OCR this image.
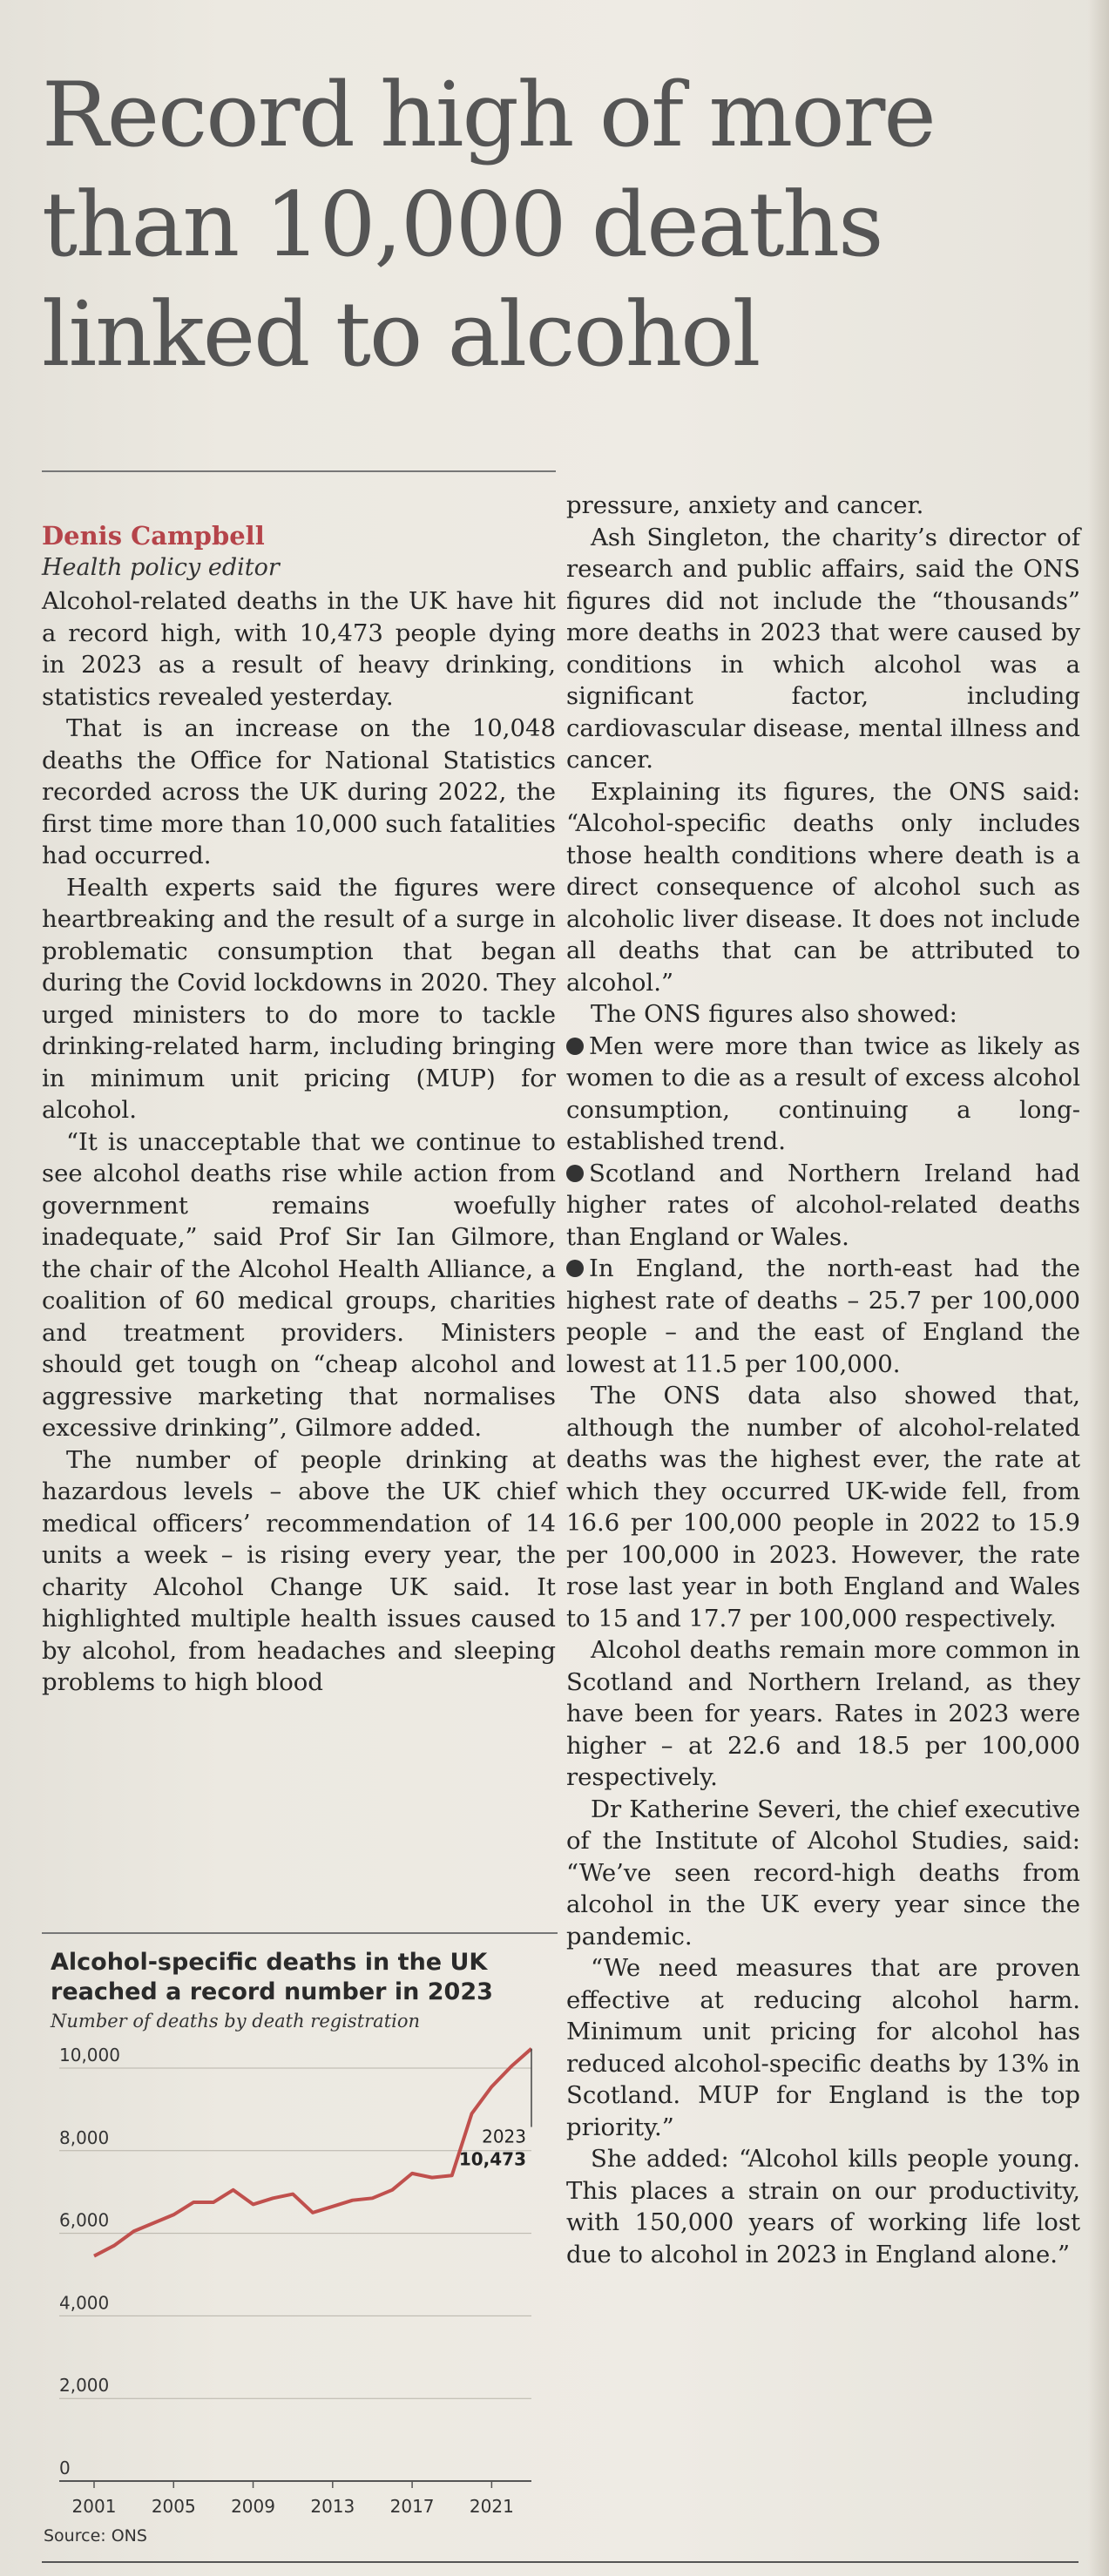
Record high of more than 10,000 deaths linked to alcohol
Denis Campbell
Health policy editor

Alcohol-related deaths in the UK have hit a record high, with 10,473 people dying in 2023 as a result of heavy drinking, statistics revealed yesterday.

That is an increase on the 10,048 deaths the Office for National Statistics recorded across the UK during 2022, the first time more than 10,000 such fatalities had occurred.

Health experts said the figures were heartbreaking and the result of a surge in problematic consumption that began during the Covid lockdowns in 2020. They urged ministers to do more to tackle drinking-related harm, including bringing in minimum unit pricing (MUP) for alcohol.

“It is unacceptable that we continue to see alcohol deaths rise while action from government remains woefully inadequate,” said Prof Sir Ian Gilmore, the chair of the Alcohol Health Alliance, a coalition of 60 medical groups, charities and treatment providers. Ministers should get tough on “cheap alcohol and aggressive marketing that normalises excessive drinking”, Gilmore added.

The number of people drinking at hazardous levels – above the UK chief medical officers’ recommendation of 14 units a week – is rising every year, the charity Alcohol Change UK said. It highlighted multiple health issues caused by alcohol, from headaches and sleeping problems to high blood

pressure, anxiety and cancer.

Ash Singleton, the charity’s director of research and public affairs, said the ONS figures did not include the “thousands” more deaths in 2023 that were caused by conditions in which alcohol was a significant factor, including cardiovascular disease, mental illness and cancer.

Explaining its figures, the ONS said: “Alcohol-specific deaths only includes those health conditions where death is a direct consequence of alcohol such as alcoholic liver disease. It does not include all deaths that can be attributed to alcohol.”

The ONS figures also showed:

Men were more than twice as likely as women to die as a result of excess alcohol consumption, continuing a long-established trend.

Scotland and Northern Ireland had higher rates of alcohol-related deaths than England or Wales.

In England, the north-east had the highest rate of deaths – 25.7 per 100,000 people – and the east of England the lowest at 11.5 per 100,000.

The ONS data also showed that, although the number of alcohol-related deaths was the highest ever, the rate at which they occurred UK-wide fell, from 16.6 per 100,000 people in 2022 to 15.9 per 100,000 in 2023. However, the rate rose last year in both England and Wales to 15 and 17.7 per 100,000 respectively.

Alcohol deaths remain more common in Scotland and Northern Ireland, as they have been for years. Rates in 2023 were higher – at 22.6 and 18.5 per 100,000 respectively.

Dr Katherine Severi, the chief executive of the Institute of Alcohol Studies, said: “We’ve seen record-high deaths from alcohol in the UK every year since the pandemic.

“We need measures that are proven effective at reducing alcohol harm. Minimum unit pricing for alcohol has reduced alcohol-specific deaths by 13% in Scotland. MUP for England is the top priority.”

She added: “Alcohol kills people young. This places a strain on our productivity, with 150,000 years of working life lost due to alcohol in 2023 in England alone.”

Alcohol-specific deaths in the UK reached a record number in 2023
Number of deaths by death registration
0
2,000
4,000
6,000
8,000
10,000
2001 2005 2009 2013 2017 2021
2023
10,473
Source: ONS
